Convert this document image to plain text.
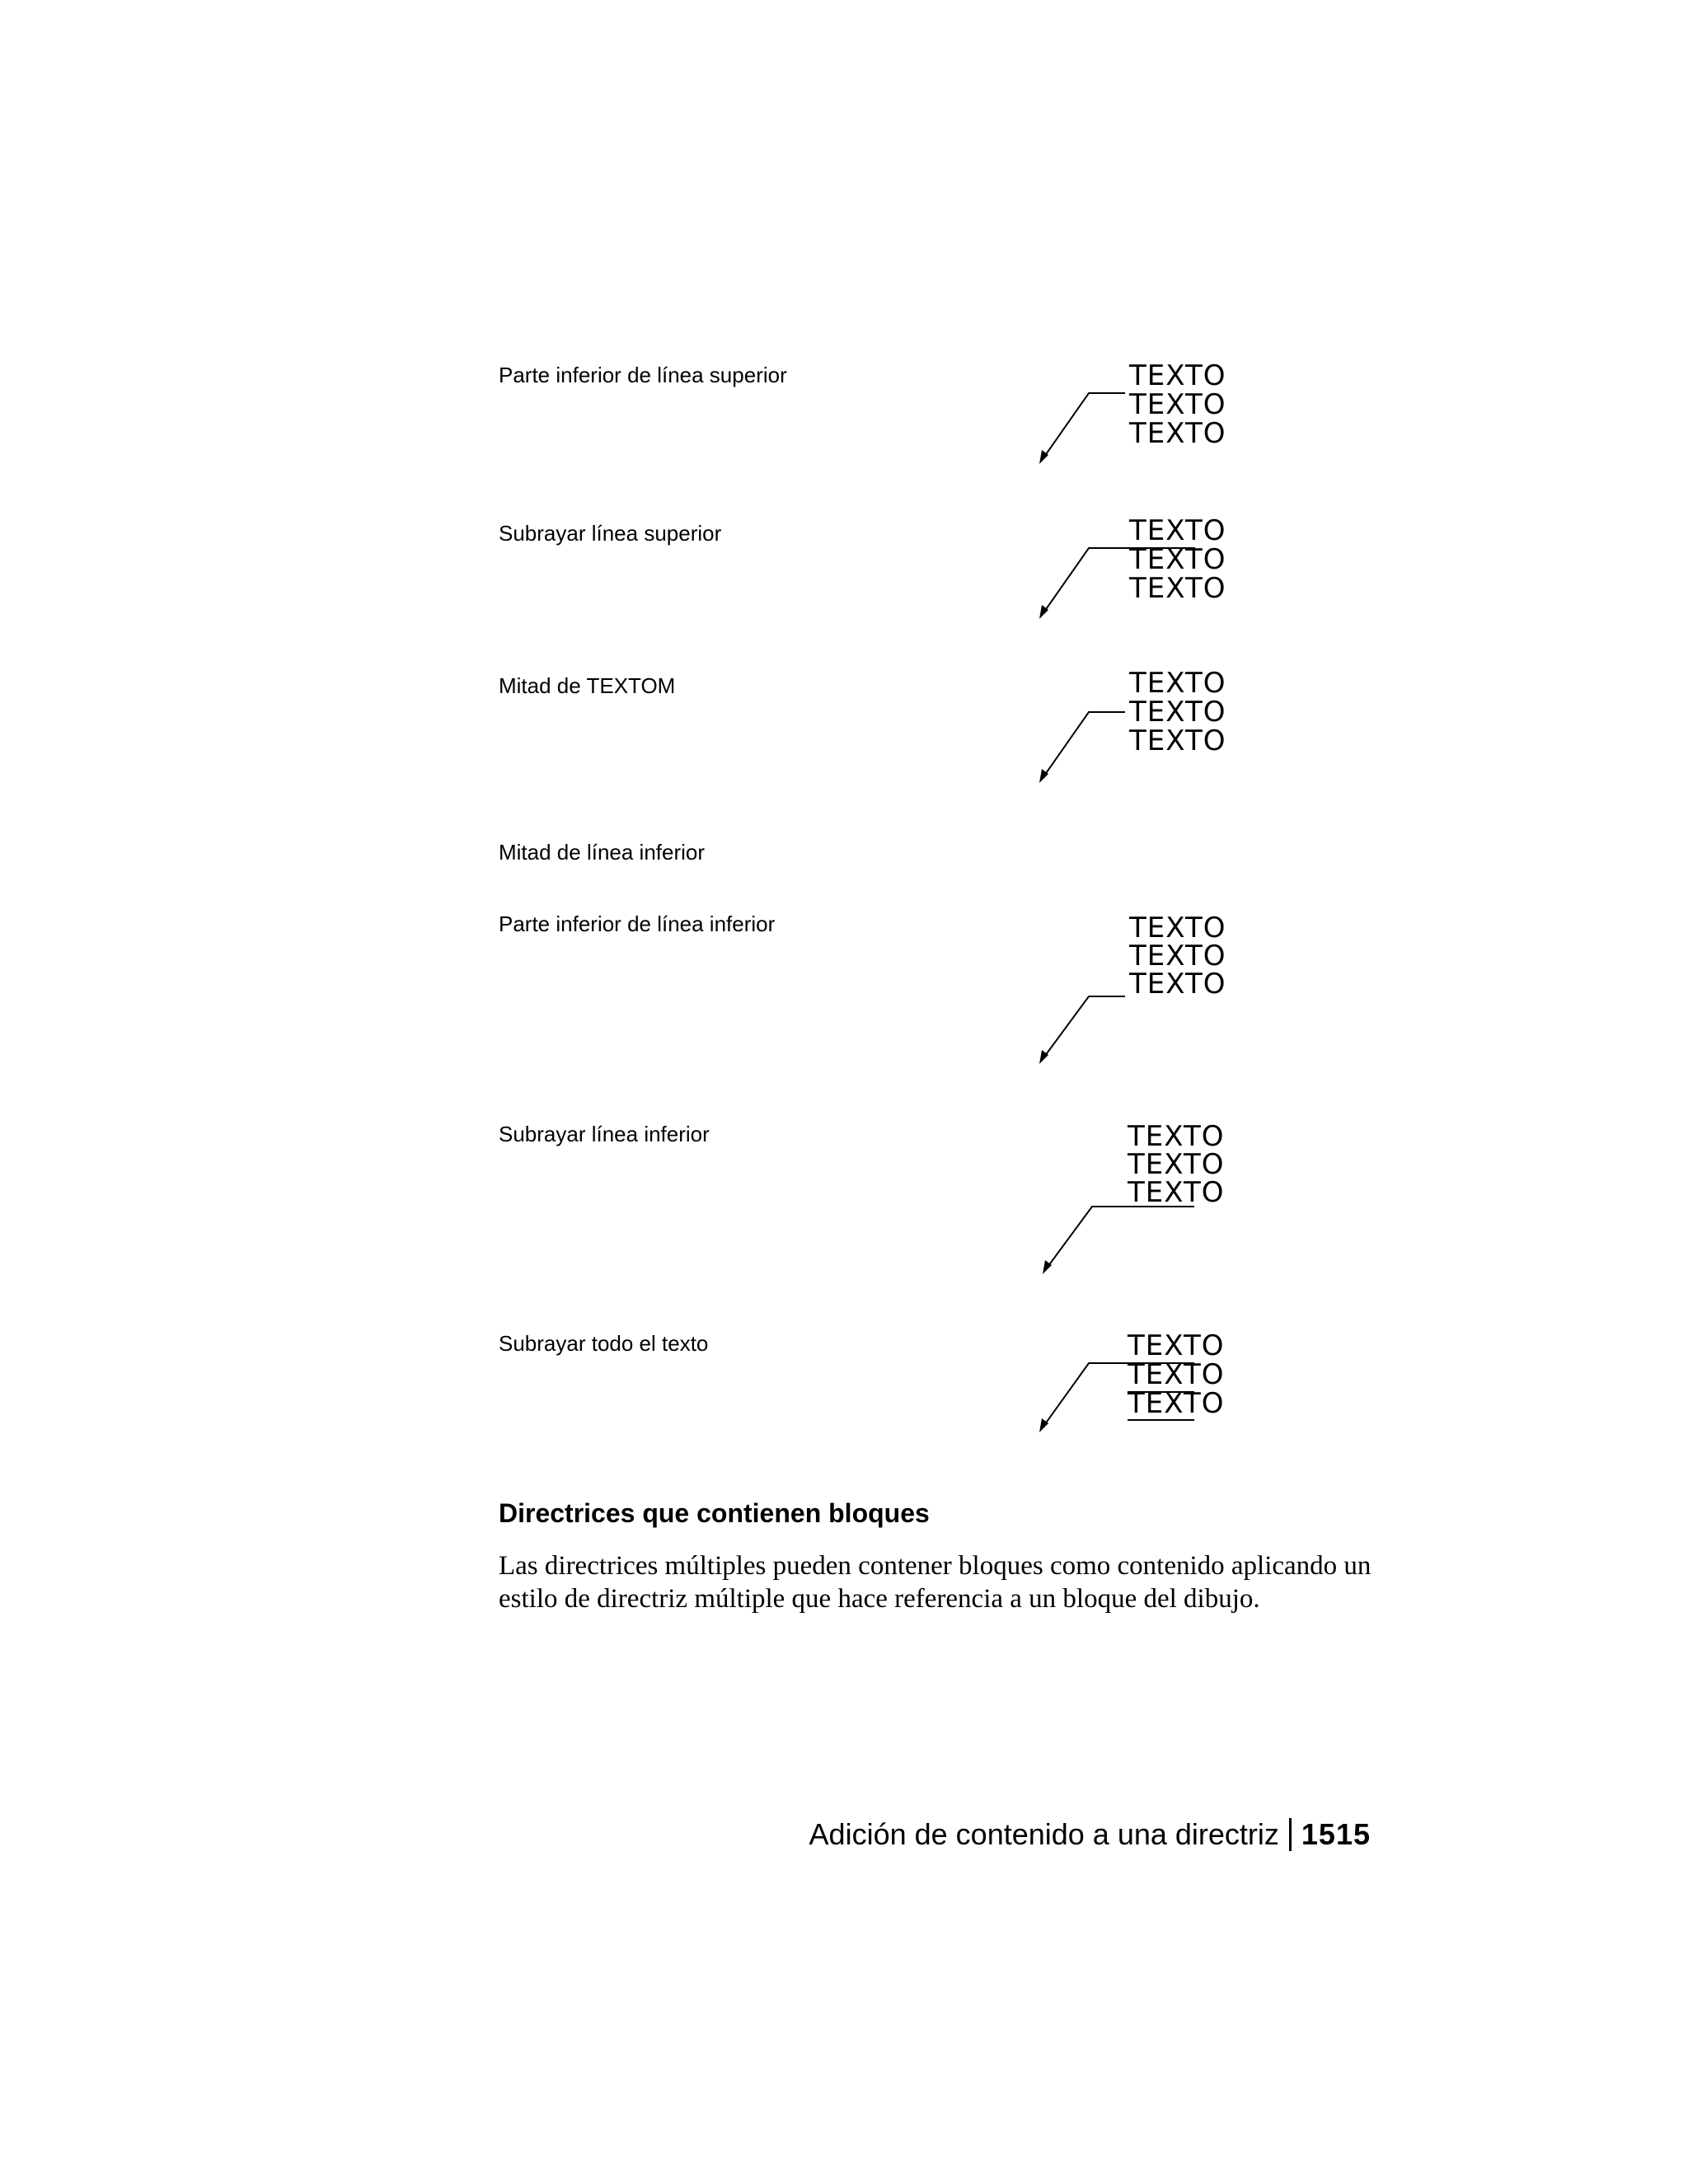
Parte inferior de línea superior
Subrayar línea superior
Mitad de TEXTOM
Mitad de línea inferior
Parte inferior de línea inferior
Subrayar línea inferior
Subrayar todo el texto
TEXTO
TEXTO
TEXTO
TEXTO
TEXTO
TEXTO
TEXTO
TEXTO
TEXTO
TEXTO
TEXTO
TEXTO
TEXTO
TEXTO
TEXTO
TEXTO
TEXTO
TEXTO
Directrices que contienen bloques
Las directrices múltiples pueden contener bloques como contenido aplicando un estilo de directriz múltiple que hace referencia a un bloque del dibujo.
Adición de contenido a una directriz 1515
